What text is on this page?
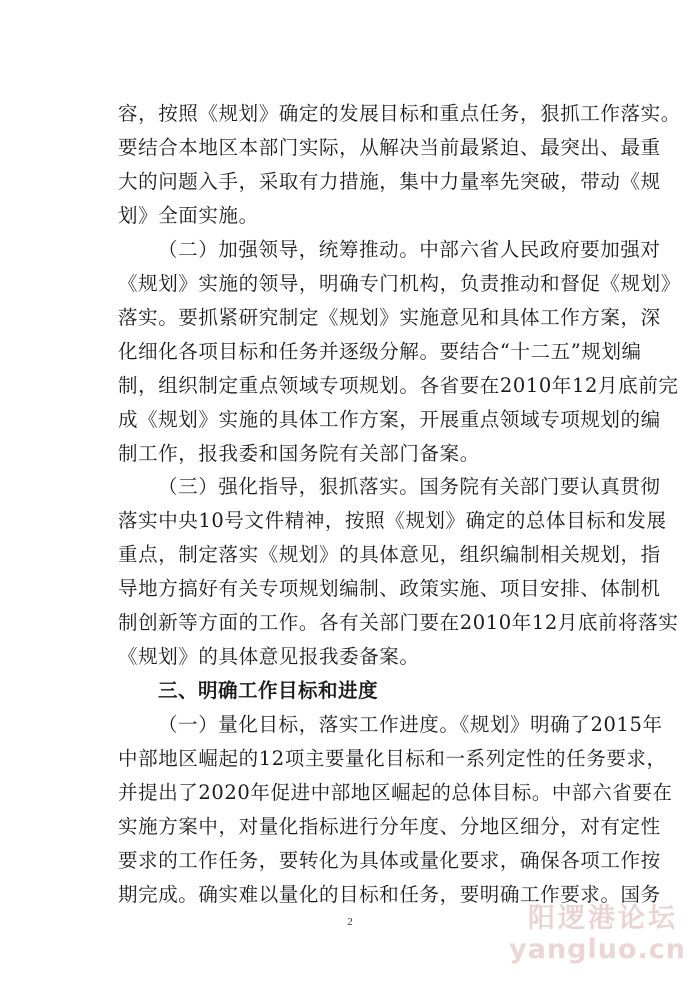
容，按照《规划》确定的发展目标和重点任务，狠抓工作落实。
要结合本地区本部门实际，从解决当前最紧迫、最突出、最重
大的问题入手，采取有力措施，集中力量率先突破，带动《规
划》全面实施。
（二）加强领导，统筹推动。中部六省人民政府要加强对
《规划》实施的领导，明确专门机构，负责推动和督促《规划》
落实。要抓紧研究制定《规划》实施意见和具体工作方案，深
化细化各项目标和任务并逐级分解。要结合“十二五”规划编
制，组织制定重点领域专项规划。各省要在2010年12月底前完
成《规划》实施的具体工作方案，开展重点领域专项规划的编
制工作，报我委和国务院有关部门备案。
（三）强化指导，狠抓落实。国务院有关部门要认真贯彻
落实中央10号文件精神，按照《规划》确定的总体目标和发展
重点，制定落实《规划》的具体意见，组织编制相关规划，指
导地方搞好有关专项规划编制、政策实施、项目安排、体制机
制创新等方面的工作。各有关部门要在2010年12月底前将落实
《规划》的具体意见报我委备案。
三、明确工作目标和进度
（一）量化目标，落实工作进度。《规划》明确了2015年
中部地区崛起的12项主要量化目标和一系列定性的任务要求，
并提出了2020年促进中部地区崛起的总体目标。中部六省要在
实施方案中，对量化指标进行分年度、分地区细分，对有定性
要求的工作任务，要转化为具体或量化要求，确保各项工作按
期完成。确实难以量化的目标和任务，要明确工作要求。国务
2	阳逻港论坛
yangluo.cn
